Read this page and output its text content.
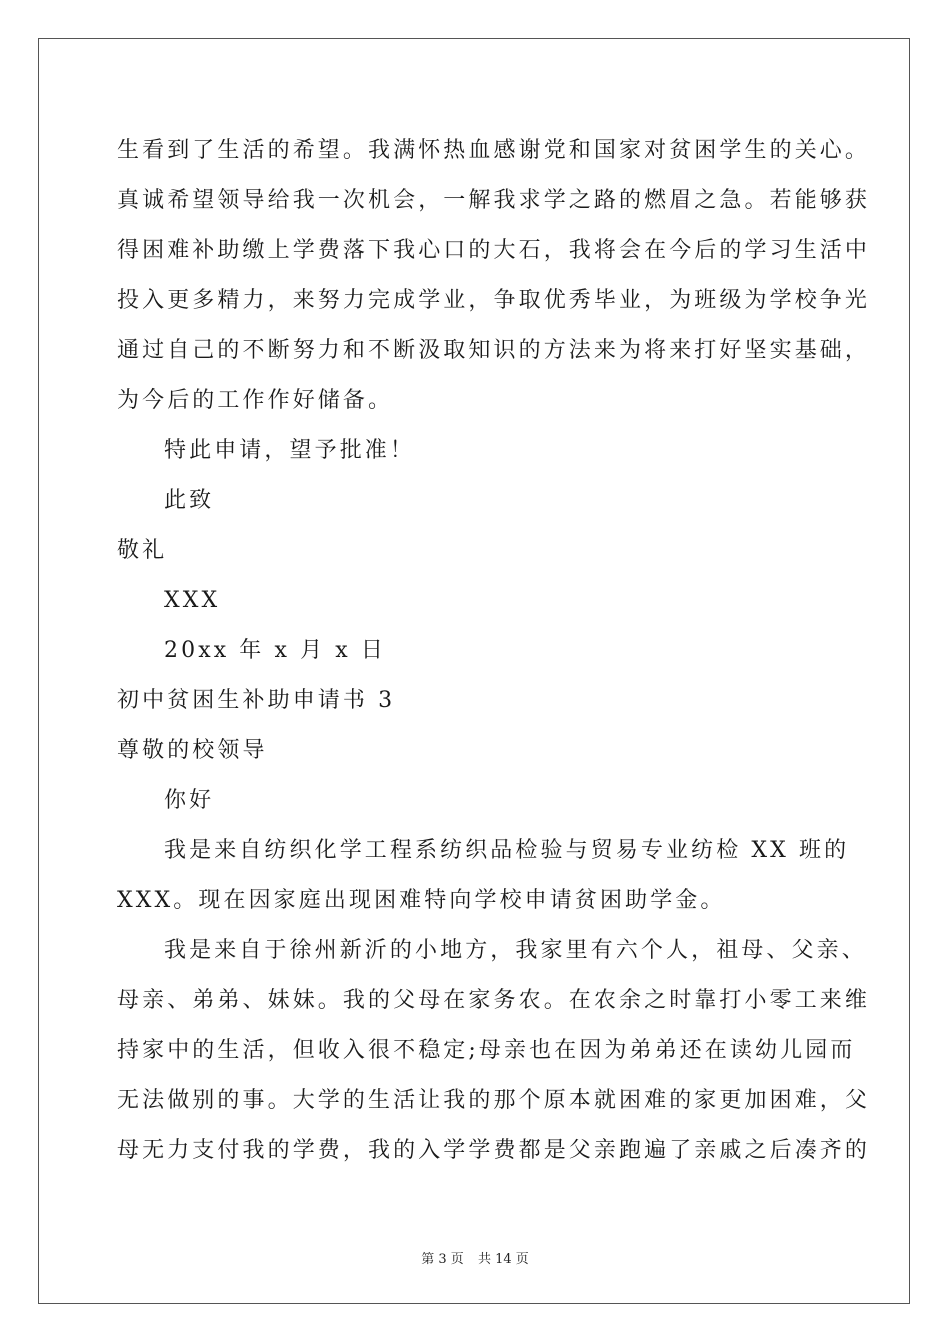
生看到了生活的希望。我满怀热血感谢党和国家对贫困学生的关心。
真诚希望领导给我一次机会，一解我求学之路的燃眉之急。若能够获
得困难补助缴上学费落下我心口的大石，我将会在今后的学习生活中
投入更多精力，来努力完成学业，争取优秀毕业，为班级为学校争光
通过自己的不断努力和不断汲取知识的方法来为将来打好坚实基础，
为今后的工作作好储备。
特此申请，望予批准！
此致
敬礼
XXX
20xx 年 x 月 x 日
初中贫困生补助申请书 3
尊敬的校领导
你好
我是来自纺织化学工程系纺织品检验与贸易专业纺检 XX 班的
XXX。现在因家庭出现困难特向学校申请贫困助学金。
我是来自于徐州新沂的小地方，我家里有六个人，祖母、父亲、
母亲、弟弟、妹妹。我的父母在家务农。在农余之时靠打小零工来维
持家中的生活，但收入很不稳定;母亲也在因为弟弟还在读幼儿园而
无法做别的事。大学的生活让我的那个原本就困难的家更加困难，父
母无力支付我的学费，我的入学学费都是父亲跑遍了亲戚之后凑齐的
第 3 页 共 14 页
